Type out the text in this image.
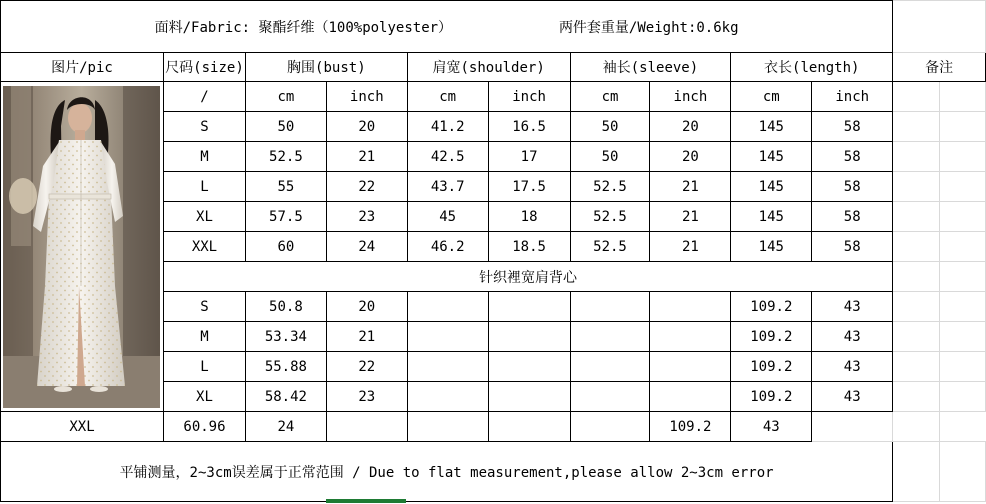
面料/Fabric: 聚酯纤维（100%polyester） 两件套重量/Weight:0.6kg											
图片/pic	尺码(size)	胸围(bust)		肩宽(shoulder)		袖长(sleeve)		衣长(length)		备注	

	/	cm	inch	cm	inch	cm	inch	cm	inch		
	S	50	20	41.2	16.5	50	20	145	58		
	M	52.5	21	42.5	17	50	20	145	58		
	L	55	22	43.7	17.5	52.5	21	145	58		
	XL	57.5	23	45	18	52.5	21	145	58		
	XXL	60	24	46.2	18.5	52.5	21	145	58		
	针织裡宽肩背心										
	S	50.8	20					109.2	43		
	M	53.34	21					109.2	43		
	L	55.88	22					109.2	43		
	XL	58.42	23					109.2	43		
XXL	60.96	24					109.2	43			
平铺测量，2~3cm误差属于正常范围 / Due to flat measurement,please allow 2~3cm error											
